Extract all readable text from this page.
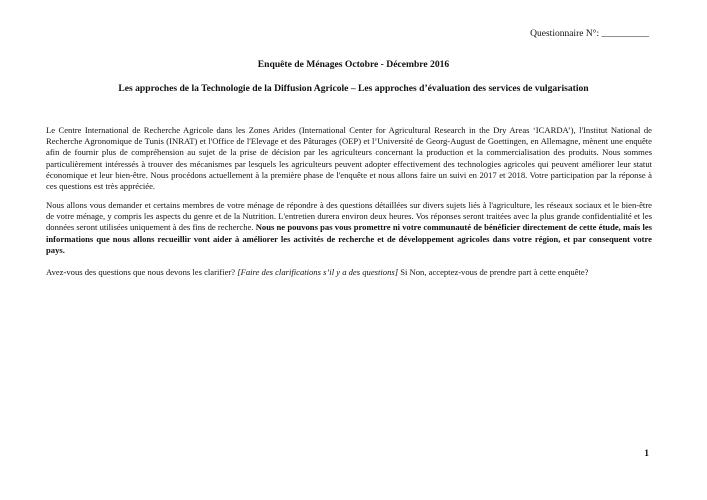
Questionnaire N°: __________
Enquête de Ménages Octobre - Décembre 2016
Les approches de la Technologie de la Diffusion Agricole – Les approches d’évaluation des services de vulgarisation
Le Centre International de Recherche Agricole dans les Zones Arides (International Center for Agricultural Research in the Dry Areas ‘ICARDA’), l'Institut National de Recherche Agronomique de Tunis (INRAT) et l'Office de l'Elevage et des Pâturages (OEP) et l’Université de Georg-August de Goettingen, en Allemagne, mènent une enquête afin de fournir plus de compréhension au sujet de la prise de décision par les agriculteurs concernant la production et la commercialisation des produits. Nous sommes particulièrement intéressés à trouver des mécanismes par lesquels les agriculteurs peuvent adopter effectivement des technologies agricoles qui peuvent améliorer leur statut économique et leur bien-être. Nous procédons actuellement à la première phase de l'enquête et nous allons faire un suivi en 2017 et 2018. Votre participation par la réponse à ces questions est très appréciée.
Nous allons vous demander et certains membres de votre ménage de répondre à des questions détaillées sur divers sujets liés à l'agriculture, les réseaux sociaux et le bien-être de votre ménage, y compris les aspects du genre et de la Nutrition. L'entretien durera environ deux heures. Vos réponses seront traitées avec la plus grande confidentialité et les données seront utilisées uniquement à des fins de recherche. Nous ne pouvons pas vous promettre ni votre communauté de bénéficier directement de cette étude, mais les informations que nous allons recueillir vont aider à améliorer les activités de recherche et de développement agricoles dans votre région, et par consequent votre pays.
Avez-vous des questions que nous devons les clarifier? [Faire des clarifications s’il y a des questions] Si Non, acceptez-vous de prendre part à cette enquête?
1
